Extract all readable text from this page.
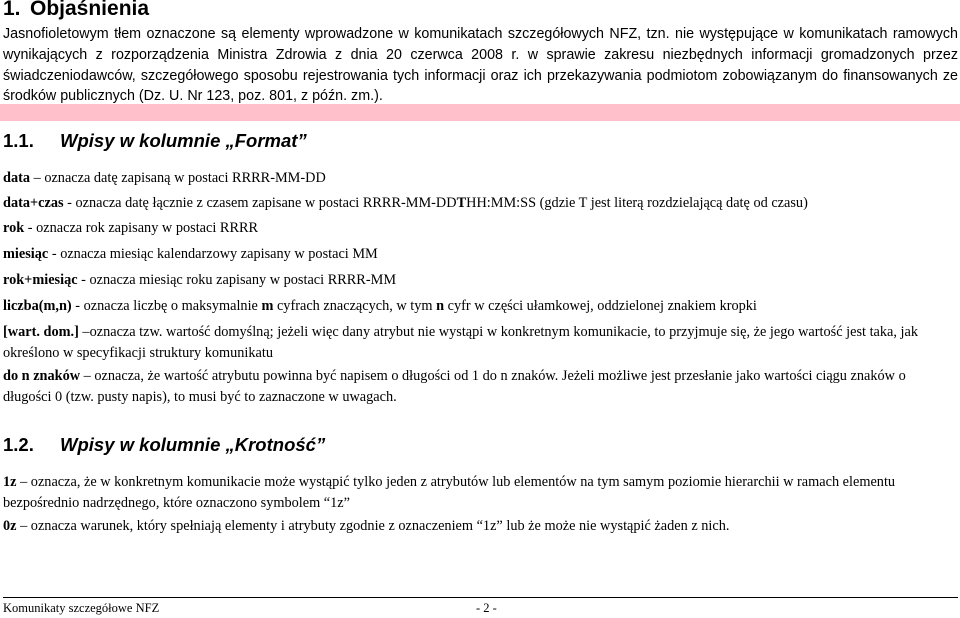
1. Objaśnienia
Jasnofioletowym tłem oznaczone są elementy wprowadzone w komunikatach szczegółowych NFZ, tzn. nie występujące w komunikatach ramowych wynikających z rozporządzenia Ministra Zdrowia z dnia 20 czerwca 2008 r. w sprawie zakresu niezbędnych informacji gromadzonych przez świadczeniodawców, szczegółowego sposobu rejestrowania tych informacji oraz ich przekazywania podmiotom zobowiązanym do finansowanych ze środków publicznych (Dz. U. Nr 123, poz. 801, z późn. zm.).
1.1. Wpisy w kolumnie „Format”
data – oznacza datę zapisaną w postaci RRRR-MM-DD
data+czas - oznacza datę łącznie z czasem zapisane w postaci RRRR-MM-DDTHH:MM:SS (gdzie T jest literą rozdzielającą datę od czasu)
rok - oznacza rok zapisany w postaci RRRR
miesiąc - oznacza miesiąc kalendarzowy zapisany w postaci MM
rok+miesiąc - oznacza miesiąc roku zapisany w postaci RRRR-MM
liczba(m,n) - oznacza liczbę o maksymalnie m cyfrach znaczących, w tym n cyfr w części ułamkowej, oddzielonej znakiem kropki
[wart. dom.] –oznacza tzw. wartość domyślną; jeżeli więc dany atrybut nie wystąpi w konkretnym komunikacie, to przyjmuje się, że jego wartość jest taka, jak określono w specyfikacji struktury komunikatu
do n znaków – oznacza, że wartość atrybutu powinna być napisem o długości od 1 do n znaków. Jeżeli możliwe jest przesłanie jako wartości ciągu znaków o długości 0 (tzw. pusty napis), to musi być to zaznaczone w uwagach.
1.2. Wpisy w kolumnie „Krotność”
1z – oznacza, że w konkretnym komunikacie może wystąpić tylko jeden z atrybutów lub elementów na tym samym poziomie hierarchii w ramach elementu bezpośrednio nadrzędnego, które oznaczono symbolem “1z”
0z – oznacza warunek, który spełniają elementy i atrybuty zgodnie z oznaczeniem “1z” lub że może nie wystąpić żaden z nich.
Komunikaty szczegółowe NFZ	- 2 -
